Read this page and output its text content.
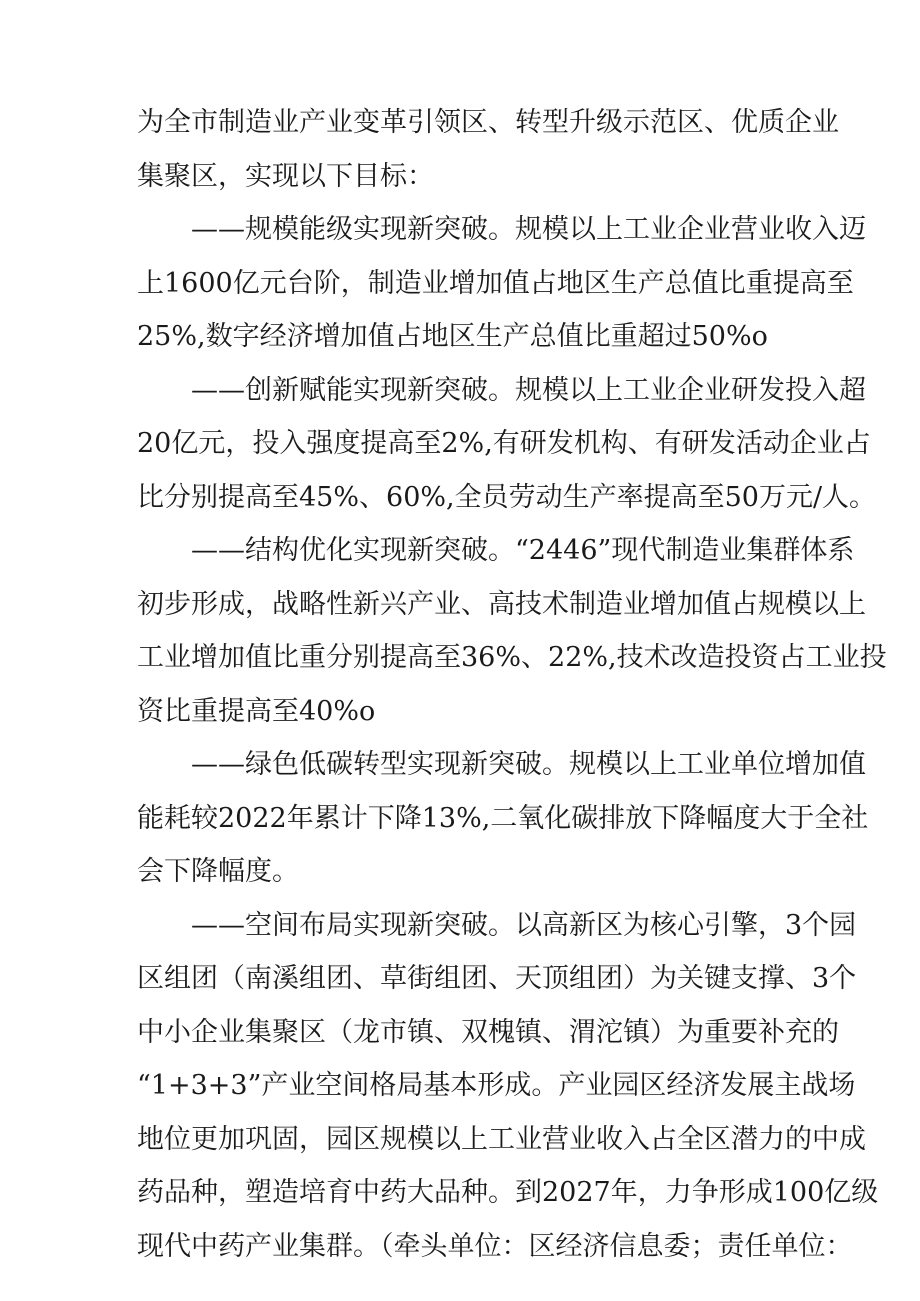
为全市制造业产业变革引领区、转型升级示范区、优质企业
集聚区，实现以下目标：
——规模能级实现新突破。规模以上工业企业营业收入迈
上1600亿元台阶，制造业增加值占地区生产总值比重提高至
25%,数字经济增加值占地区生产总值比重超过50%o
——创新赋能实现新突破。规模以上工业企业研发投入超
20亿元，投入强度提高至2%,有研发机构、有研发活动企业占
比分别提高至45%、60%,全员劳动生产率提高至50万元/人。
——结构优化实现新突破。“2446”现代制造业集群体系
初步形成，战略性新兴产业、高技术制造业增加值占规模以上
工业增加值比重分别提高至36%、22%,技术改造投资占工业投
资比重提高至40%o
——绿色低碳转型实现新突破。规模以上工业单位增加值
能耗较2022年累计下降13%,二氧化碳排放下降幅度大于全社
会下降幅度。
——空间布局实现新突破。以高新区为核心引擎，3个园
区组团（南溪组团、草街组团、天顶组团）为关键支撑、3个
中小企业集聚区（龙市镇、双槐镇、渭沱镇）为重要补充的
“1+3+3”产业空间格局基本形成。产业园区经济发展主战场
地位更加巩固，园区规模以上工业营业收入占全区潜力的中成
药品种，塑造培育中药大品种。到2027年，力争形成100亿级
现代中药产业集群。（牵头单位：区经济信息委；责任单位：
